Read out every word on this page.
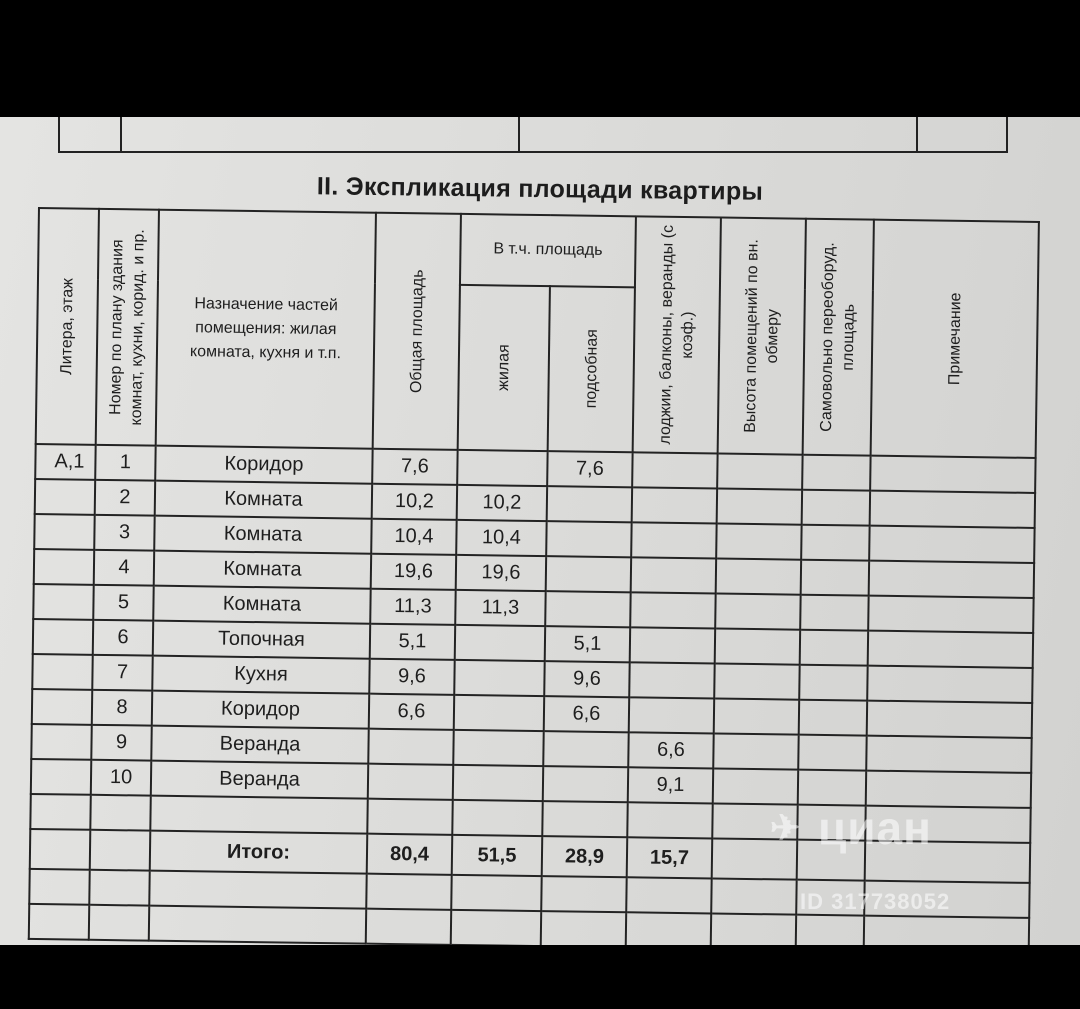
II. Экспликация площади квартиры
Литера, этаж	Номер по плану здания комнат, кухни, корид. и пр.	Назначение частей помещения: жилая комната, кухня и т.п.	Общая площадь	В т.ч. площадь		лоджии, балконы, веранды (с коэф.)	Высота помещений по вн. обмеру	Самовольно переоборуд. площадь	Примечание

				жилая	подсобная				

А,1	1	Коридор	7,6		7,6				
	2	Комната	10,2	10,2					
	3	Комната	10,4	10,4					
	4	Комната	19,6	19,6					
	5	Комната	11,3	11,3					
	6	Топочная	5,1		5,1				
	7	Кухня	9,6		9,6				
	8	Коридор	6,6		6,6				
	9	Веранда				6,6			
	10	Веранда				9,1			

		Итого:	80,4	51,5	28,9	15,7			

✈ циан
ID 317738052
